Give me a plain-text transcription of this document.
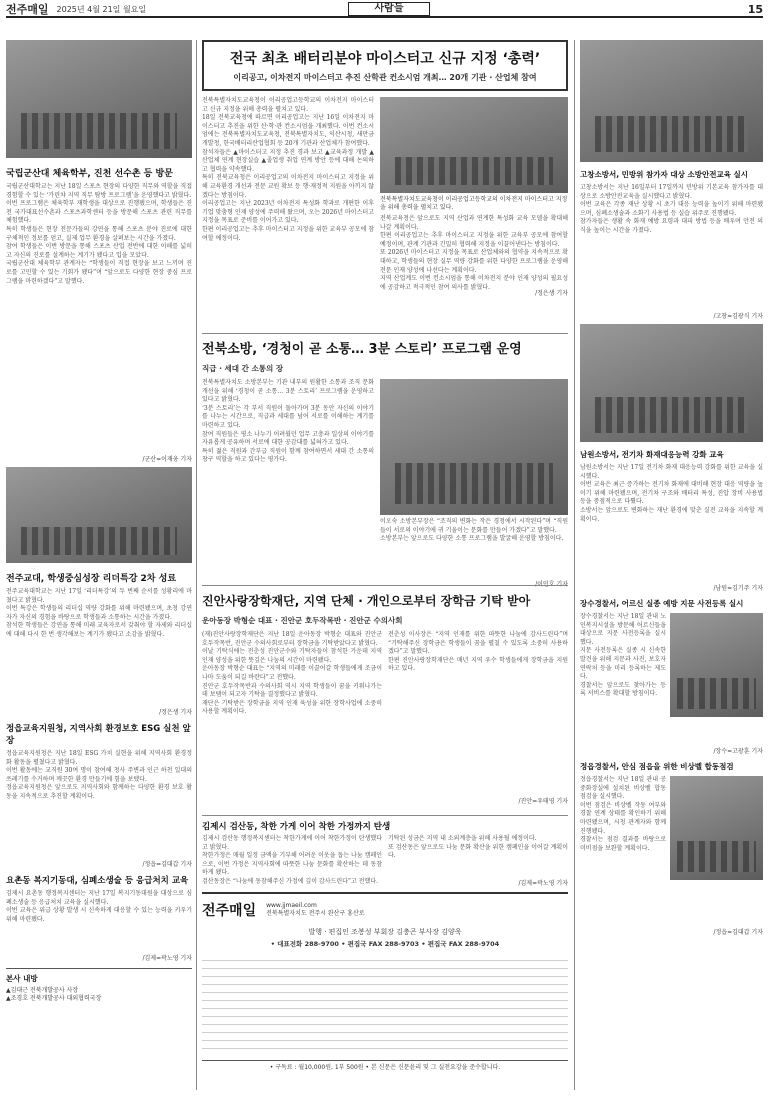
전주매일 2025년 4월 21일 월요일	사람들	15
국립군산대 체육학부, 진천 선수촌 등 방문
국립군산대학교는 지난 18일 스포츠 현장의 다양한 직무와 역할을 직접 경험할 수 있는 ‘가린챠 지역 직무 탐방 프로그램’을 운영했다고 밝혔다.
이번 프로그램은 체육학부 재학생을 대상으로 진행됐으며, 학생들은 진천 국가대표선수촌과 스포츠과학센터 등을 방문해 스포츠 관련 직무를 체험했다.
특히 학생들은 현장 전문가들의 강연을 통해 스포츠 분야 진로에 대한 구체적인 정보를 얻고, 실제 업무 환경을 살펴보는 시간을 가졌다.
참여 학생들은 이번 방문을 통해 스포츠 산업 전반에 대한 이해를 넓히고 자신의 진로를 설계하는 계기가 됐다고 입을 모았다.
국립군산대 체육학부 관계자는 “학생들이 직접 현장을 보고 느끼며 진로를 고민할 수 있는 기회가 됐다”며 “앞으로도 다양한 현장 중심 프로그램을 마련하겠다”고 말했다.
/군산=이재웅 기자
전주교대, 학생중심성장 리더특강 2차 성료
전주교육대학교는 지난 17일 ‘리더특강’의 두 번째 순서를 성황리에 마쳤다고 밝혔다.
이번 특강은 학생들의 리더십 역량 강화를 위해 마련됐으며, 초청 강연자가 자신의 경험을 바탕으로 학생들과 소통하는 시간을 가졌다.
참석한 학생들은 강연을 통해 미래 교육자로서 갖춰야 할 자세와 리더십에 대해 다시 한 번 생각해보는 계기가 됐다고 소감을 밝혔다.
/정은생 기자
정읍교육지원청, 지역사회 환경보호 ESG 실천 앞장
정읍교육지원청은 지난 18일 ESG 가치 실현을 위해 지역사회 환경정화 활동을 펼쳤다고 밝혔다.
이번 활동에는 교직원 30여 명이 참여해 청사 주변과 인근 하천 일대의 쓰레기를 수거하며 깨끗한 환경 만들기에 힘을 보탰다.
정읍교육지원청은 앞으로도 지역사회와 함께하는 다양한 환경 보호 활동을 지속적으로 추진할 계획이다.
/정읍=김대갑 기자
요촌동 복지기동대, 심폐소생술 등 응급처치 교육
김제시 요촌동 행정복지센터는 지난 17일 복지기동대원을 대상으로 심폐소생술 등 응급처치 교육을 실시했다.
이번 교육은 위급 상황 발생 시 신속하게 대응할 수 있는 능력을 키우기 위해 마련됐다.
/김제=곽노영 기자
본사 내방
▲김대근 전북개발공사 사장
▲조경호 전북개발공사 대외협력국장
전국 최초 배터리분야 마이스터고 신규 지정 ‘총력’
이리공고, 이차전지 마이스터고 추진 산학관 컨소시엄 개최… 20개 기관 · 산업체 참여
전북특별자치도교육청이 이리공업고등학교의 이차전지 마이스터고 신규 지정을 위해 총력을 펼치고 있다.
18일 전북교육청에 따르면 이리공업고는 지난 16일 이차전지 마이스터고 추진을 위한 산·학·관 컨소시엄을 개최했다. 이번 컨소시엄에는 전북특별자치도교육청, 전북특별자치도, 익산시청, 새만금개발청, 한국배터리산업협회 등 20개 기관과 산업체가 참여했다.
참석자들은 ▲마이스터고 지정 추진 경과 보고 ▲교육과정 개발 ▲산업체 연계 현장실습 ▲졸업생 취업 연계 방안 등에 대해 논의하고 협력을 약속했다.
특히 전북교육청은 이리공업고의 이차전지 마이스터고 지정을 위해 교육환경 개선과 전문 교원 확보 등 행·재정적 지원을 아끼지 않겠다는 방침이다.
이리공업고는 지난 2023년 이차전지 특성화 학과로 개편한 이후 기업 맞춤형 인재 양성에 주력해 왔으며, 오는 2026년 마이스터고 지정을 목표로 준비를 이어가고 있다.
한편 이리공업고는 추후 마이스터고 지정을 위한 교육부 공모에 참여할 예정이다.
전북특별자치도교육청이 이리공업고등학교의 이차전지 마이스터고 지정을 위해 총력을 펼치고 있다.
전북교육청은 앞으로도 지역 산업과 연계한 특성화 교육 모델을 확대해 나갈 계획이다.
한편 이리공업고는 추후 마이스터고 지정을 위한 교육부 공모에 참여할 예정이며, 관계 기관과 긴밀히 협력해 지정을 이끌어낸다는 방침이다.
또 2026년 마이스터고 지정을 목표로 산업체와의 협약을 지속적으로 확대하고, 학생들의 현장 실무 역량 강화를 위한 다양한 프로그램을 운영해 전문 인재 양성에 나선다는 계획이다.
지역 산업계도 이번 컨소시엄을 통해 이차전지 분야 인재 양성의 필요성에 공감하고 적극적인 참여 의사를 밝혔다.
/정은생 기자
전북소방, ‘경청이 곧 소통… 3분 스토리’ 프로그램 운영
직급 · 세대 간 소통의 장
전북특별자치도 소방본부는 기관 내부의 원활한 소통과 조직 문화 개선을 위해 ‘경청이 곧 소통… 3분 스토리’ 프로그램을 운영하고 있다고 밝혔다.
‘3분 스토리’는 각 부서 직원이 돌아가며 3분 동안 자신의 이야기를 나누는 시간으로, 직급과 세대를 넘어 서로를 이해하는 계기를 마련하고 있다.
참여 직원들은 평소 나누기 어려웠던 업무 고충과 일상의 이야기를 자유롭게 공유하며 서로에 대한 공감대를 넓혀가고 있다.
특히 젊은 직원과 간부급 직원이 함께 참여하면서 세대 간 소통의 창구 역할을 하고 있다는 평가다.
이오숙 소방본부장은 “조직의 변화는 작은 경청에서 시작된다”며 “직원들이 서로의 이야기에 귀 기울이는 문화를 만들어 가겠다”고 말했다.
소방본부는 앞으로도 다양한 소통 프로그램을 발굴해 운영할 방침이다.
진안사랑장학재단, 지역 단체 · 개인으로부터 장학금 기탁 받아
운아동장 박형순 대표 · 진안군 호두작목반 · 진안군 수의사회
(재)진안사랑장학재단은 지난 18일 운아동장 박형순 대표와 진안군 호두작목반, 진안군 수의사회로부터 장학금을 기탁받았다고 밝혔다.
이날 기탁식에는 전춘성 진안군수와 기탁자들이 참석한 가운데 지역 인재 양성을 위한 뜻깊은 나눔의 시간이 마련됐다.
운아동장 박형순 대표는 “지역의 미래를 이끌어갈 학생들에게 조금이나마 도움이 되길 바란다”고 전했다.
진안군 호두작목반과 수의사회 역시 지역 학생들이 꿈을 키워나가는 데 보탬이 되고자 기탁을 결정했다고 밝혔다.
재단은 기탁받은 장학금을 지역 인재 육성을 위한 장학사업에 소중히 사용할 계획이다.
전춘성 이사장은 “지역 인재를 위한 따뜻한 나눔에 감사드린다”며 “기탁해주신 장학금은 학생들이 꿈을 펼칠 수 있도록 소중히 사용하겠다”고 말했다.
한편 진안사랑장학재단은 매년 지역 우수 학생들에게 장학금을 지원하고 있다.
/진안=우태영 기자
김제시 검산동, 착한 가게 이어 착한 가정까지 탄생
김제시 검산동 행정복지센터는 착한가게에 이어 착한가정이 탄생했다고 밝혔다.
착한가정은 매월 일정 금액을 기부해 어려운 이웃을 돕는 나눔 캠페인으로, 이번 가정은 지역사회에 따뜻한 나눔 문화를 확산하는 데 동참하게 됐다.
검산동장은 “나눔에 동참해주신 가정에 깊이 감사드린다”고 전했다.
기탁된 성금은 지역 내 소외계층을 위해 사용될 예정이다.
또 검산동은 앞으로도 나눔 문화 확산을 위한 캠페인을 이어갈 계획이다.
/김제=곽노영 기자
전주매일 www.jjmaeil.com
전북특별자치도 전주시 완산구 홍산로
발행 · 편집인 조봉성 부회장 김충곤 부사장 김양욱
• 대표전화 288-9700 • 편집국 FAX 288-9703 • 편집국 FAX 288-9704
• 구독료 : 월10,000원, 1부 500원 • 본 신문은 신문윤리 및 그 실천요강을 준수합니다.
고창소방서, 민방위 참가자 대상 소방안전교육 실시
고창소방서는 지난 16일부터 17일까지 민방위 기본교육 참가자를 대상으로 소방안전교육을 실시했다고 밝혔다.
이번 교육은 각종 재난 상황 시 초기 대응 능력을 높이기 위해 마련됐으며, 심폐소생술과 소화기 사용법 등 실습 위주로 진행됐다.
참가자들은 생활 속 화재 예방 요령과 대피 방법 등을 배우며 안전 의식을 높이는 시간을 가졌다.
/고창=김광식 기자
남원소방서, 전기차 화재대응능력 강화 교육
남원소방서는 지난 17일 전기차 화재 대응능력 강화를 위한 교육을 실시했다.
이번 교육은 최근 증가하는 전기차 화재에 대비해 현장 대응 역량을 높이기 위해 마련됐으며, 전기차 구조와 배터리 특성, 진압 장비 사용법 등을 중점적으로 다뤘다.
소방서는 앞으로도 변화하는 재난 환경에 맞춘 실전 교육을 지속할 계획이다.
/남원=김기주 기자
장수경찰서, 어르신 실종 예방 지문 사전등록 실시
장수경찰서는 지난 18일 관내 노인복지시설을 방문해 어르신들을 대상으로 지문 사전등록을 실시했다.
지문 사전등록은 실종 시 신속한 발견을 위해 지문과 사진, 보호자 연락처 등을 미리 등록하는 제도다.
경찰서는 앞으로도 찾아가는 등록 서비스를 확대할 방침이다.
/장수=고광훈 기자
정읍경찰서, 안심 점읍을 위한 비상벨 합동점검
정읍경찰서는 지난 18일 관내 공중화장실에 설치된 비상벨 합동점검을 실시했다.
이번 점검은 비상벨 작동 여부와 경찰 연계 상태를 확인하기 위해 마련됐으며, 시청 관계자와 함께 진행됐다.
경찰서는 점검 결과를 바탕으로 미비점을 보완할 계획이다.
/정읍=김대갑 기자
